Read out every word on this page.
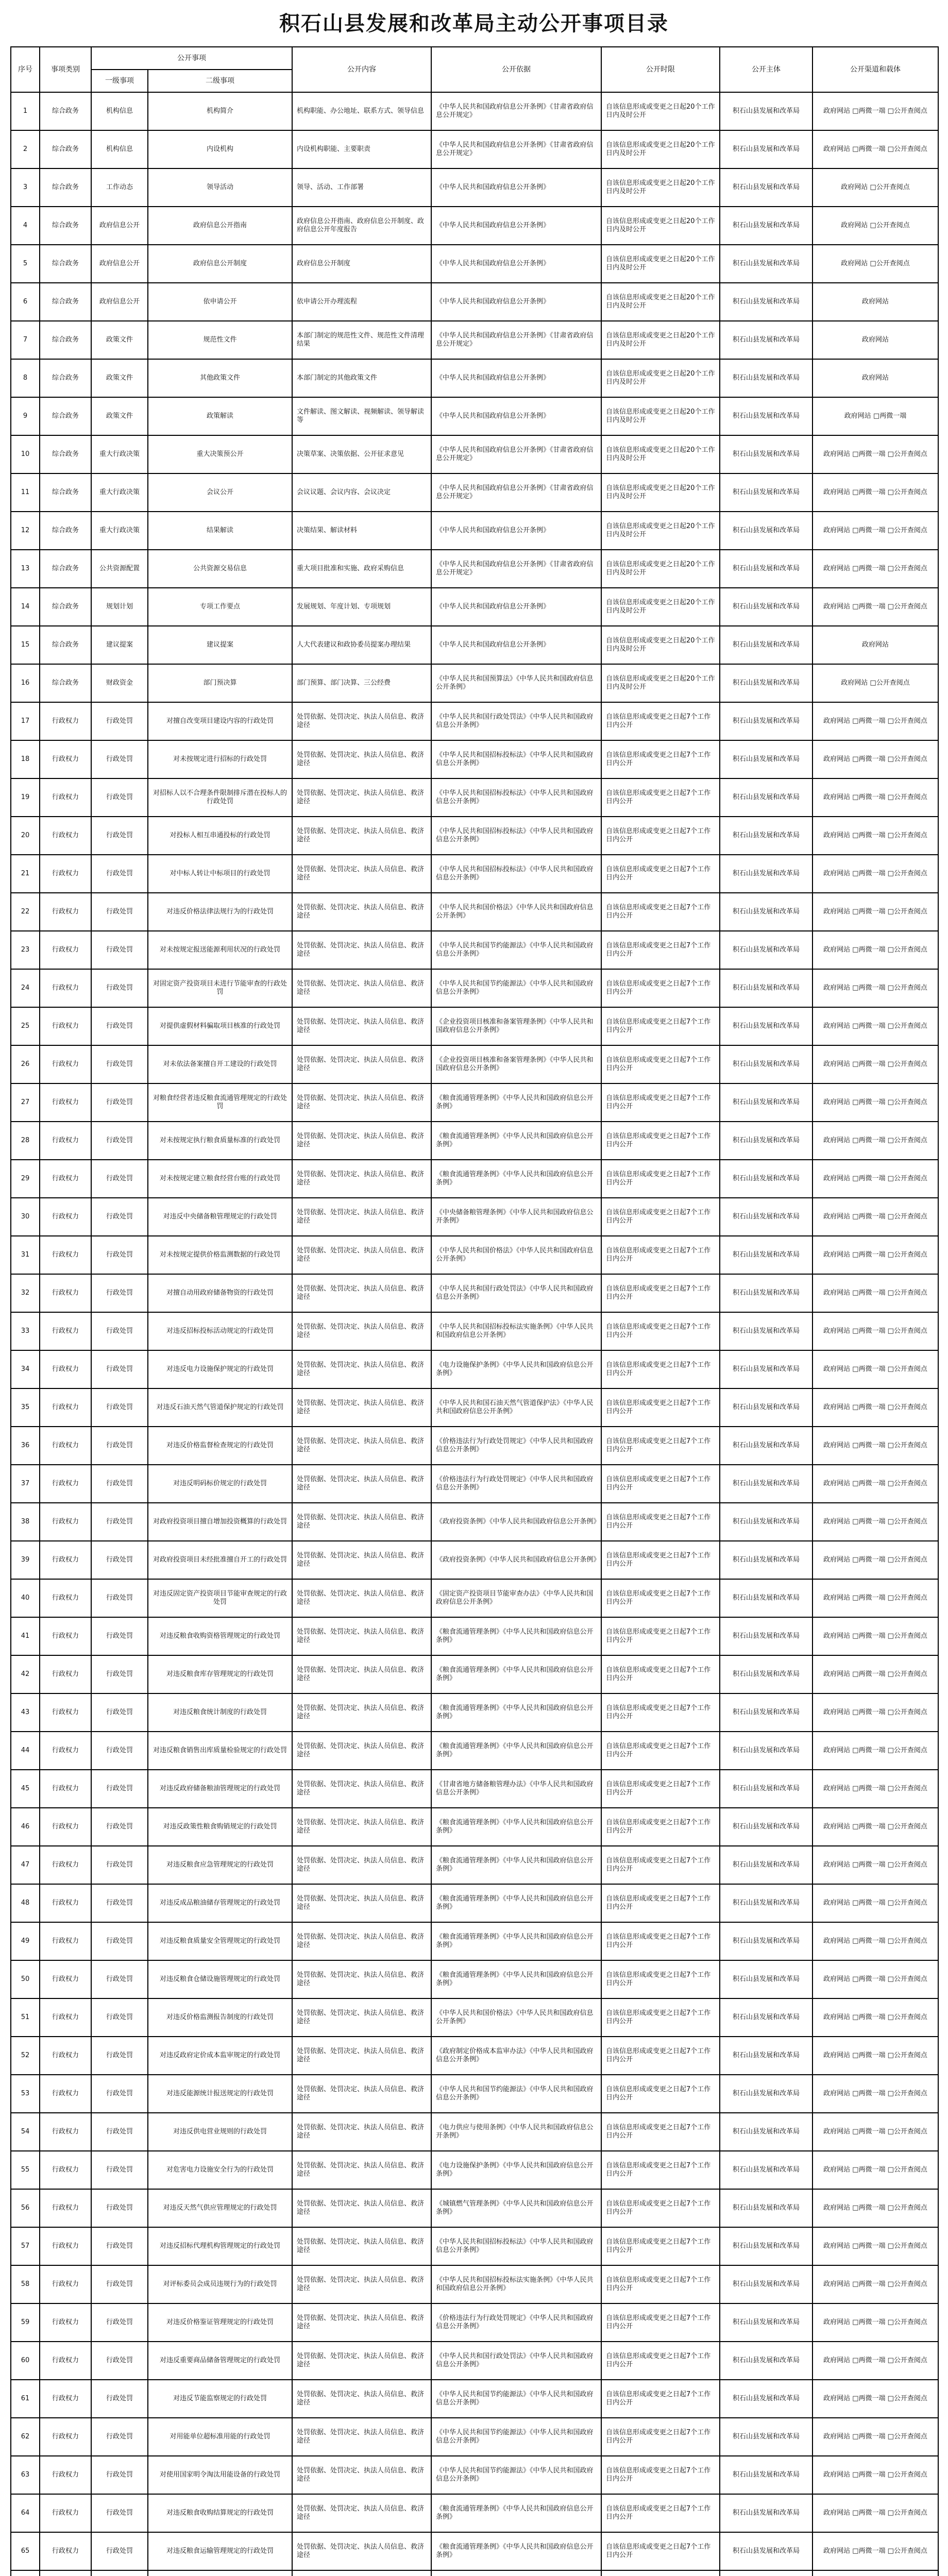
积石山县发展和改革局主动公开事项目录
序号	事项类别	公开事项		公开内容	公开依据	公开时限	公开主体	公开渠道和载体
		一级事项	二级事项					
1	综合政务	机构信息	机构简介	机构职能、办公地址、联系方式、领导信息	《中华人民共和国政府信息公开条例》《甘肃省政府信息公开规定》	自该信息形成或变更之日起20个工作日内及时公开	积石山县发展和改革局	政府网站 □两微一端 □公开查阅点
2	综合政务	机构信息	内设机构	内设机构职能、主要职责	《中华人民共和国政府信息公开条例》《甘肃省政府信息公开规定》	自该信息形成或变更之日起20个工作日内及时公开	积石山县发展和改革局	政府网站 □两微一端 □公开查阅点
3	综合政务	工作动态	领导活动	领导、活动、工作部署	《中华人民共和国政府信息公开条例》	自该信息形成或变更之日起20个工作日内及时公开	积石山县发展和改革局	政府网站 □公开查阅点
4	综合政务	政府信息公开	政府信息公开指南	政府信息公开指南、政府信息公开制度、政府信息公开年度报告	《中华人民共和国政府信息公开条例》	自该信息形成或变更之日起20个工作日内及时公开	积石山县发展和改革局	政府网站 □公开查阅点
5	综合政务	政府信息公开	政府信息公开制度	政府信息公开制度	《中华人民共和国政府信息公开条例》	自该信息形成或变更之日起20个工作日内及时公开	积石山县发展和改革局	政府网站 □公开查阅点
6	综合政务	政府信息公开	依申请公开	依申请公开办理流程	《中华人民共和国政府信息公开条例》	自该信息形成或变更之日起20个工作日内及时公开	积石山县发展和改革局	政府网站
7	综合政务	政策文件	规范性文件	本部门制定的规范性文件、规范性文件清理结果	《中华人民共和国政府信息公开条例》《甘肃省政府信息公开规定》	自该信息形成或变更之日起20个工作日内及时公开	积石山县发展和改革局	政府网站
8	综合政务	政策文件	其他政策文件	本部门制定的其他政策文件	《中华人民共和国政府信息公开条例》	自该信息形成或变更之日起20个工作日内及时公开	积石山县发展和改革局	政府网站
9	综合政务	政策文件	政策解读	文件解读、图文解读、视频解读、领导解读等	《中华人民共和国政府信息公开条例》	自该信息形成或变更之日起20个工作日内及时公开	积石山县发展和改革局	政府网站 □两微一端
10	综合政务	重大行政决策	重大决策预公开	决策草案、决策依据、公开征求意见	《中华人民共和国政府信息公开条例》《甘肃省政府信息公开规定》	自该信息形成或变更之日起20个工作日内及时公开	积石山县发展和改革局	政府网站 □两微一端 □公开查阅点
11	综合政务	重大行政决策	会议公开	会议议题、会议内容、会议决定	《中华人民共和国政府信息公开条例》《甘肃省政府信息公开规定》	自该信息形成或变更之日起20个工作日内及时公开	积石山县发展和改革局	政府网站 □两微一端 □公开查阅点
12	综合政务	重大行政决策	结果解读	决策结果、解读材料	《中华人民共和国政府信息公开条例》	自该信息形成或变更之日起20个工作日内及时公开	积石山县发展和改革局	政府网站 □两微一端 □公开查阅点
13	综合政务	公共资源配置	公共资源交易信息	重大项目批准和实施、政府采购信息	《中华人民共和国政府信息公开条例》《甘肃省政府信息公开规定》	自该信息形成或变更之日起20个工作日内及时公开	积石山县发展和改革局	政府网站 □两微一端 □公开查阅点
14	综合政务	规划计划	专项工作要点	发展规划、年度计划、专项规划	《中华人民共和国政府信息公开条例》	自该信息形成或变更之日起20个工作日内及时公开	积石山县发展和改革局	政府网站 □两微一端 □公开查阅点
15	综合政务	建议提案	建议提案	人大代表建议和政协委员提案办理结果	《中华人民共和国政府信息公开条例》	自该信息形成或变更之日起20个工作日内及时公开	积石山县发展和改革局	政府网站
16	综合政务	财政资金	部门预决算	部门预算、部门决算、三公经费	《中华人民共和国预算法》《中华人民共和国政府信息公开条例》	自该信息形成或变更之日起20个工作日内及时公开	积石山县发展和改革局	政府网站 □公开查阅点
17	行政权力	行政处罚	对擅自改变项目建设内容的行政处罚	处罚依据、处罚决定、执法人员信息、救济途径	《中华人民共和国行政处罚法》《中华人民共和国政府信息公开条例》	自该信息形成或变更之日起7个工作日内公开	积石山县发展和改革局	政府网站 □两微一端 □公开查阅点
18	行政权力	行政处罚	对未按规定进行招标的行政处罚	处罚依据、处罚决定、执法人员信息、救济途径	《中华人民共和国招标投标法》《中华人民共和国政府信息公开条例》	自该信息形成或变更之日起7个工作日内公开	积石山县发展和改革局	政府网站 □两微一端 □公开查阅点
19	行政权力	行政处罚	对招标人以不合理条件限制排斥潜在投标人的行政处罚	处罚依据、处罚决定、执法人员信息、救济途径	《中华人民共和国招标投标法》《中华人民共和国政府信息公开条例》	自该信息形成或变更之日起7个工作日内公开	积石山县发展和改革局	政府网站 □两微一端 □公开查阅点
20	行政权力	行政处罚	对投标人相互串通投标的行政处罚	处罚依据、处罚决定、执法人员信息、救济途径	《中华人民共和国招标投标法》《中华人民共和国政府信息公开条例》	自该信息形成或变更之日起7个工作日内公开	积石山县发展和改革局	政府网站 □两微一端 □公开查阅点
21	行政权力	行政处罚	对中标人转让中标项目的行政处罚	处罚依据、处罚决定、执法人员信息、救济途径	《中华人民共和国招标投标法》《中华人民共和国政府信息公开条例》	自该信息形成或变更之日起7个工作日内公开	积石山县发展和改革局	政府网站 □两微一端 □公开查阅点
22	行政权力	行政处罚	对违反价格法律法规行为的行政处罚	处罚依据、处罚决定、执法人员信息、救济途径	《中华人民共和国价格法》《中华人民共和国政府信息公开条例》	自该信息形成或变更之日起7个工作日内公开	积石山县发展和改革局	政府网站 □两微一端 □公开查阅点
23	行政权力	行政处罚	对未按规定报送能源利用状况的行政处罚	处罚依据、处罚决定、执法人员信息、救济途径	《中华人民共和国节约能源法》《中华人民共和国政府信息公开条例》	自该信息形成或变更之日起7个工作日内公开	积石山县发展和改革局	政府网站 □两微一端 □公开查阅点
24	行政权力	行政处罚	对固定资产投资项目未进行节能审查的行政处罚	处罚依据、处罚决定、执法人员信息、救济途径	《中华人民共和国节约能源法》《中华人民共和国政府信息公开条例》	自该信息形成或变更之日起7个工作日内公开	积石山县发展和改革局	政府网站 □两微一端 □公开查阅点
25	行政权力	行政处罚	对提供虚假材料骗取项目核准的行政处罚	处罚依据、处罚决定、执法人员信息、救济途径	《企业投资项目核准和备案管理条例》《中华人民共和国政府信息公开条例》	自该信息形成或变更之日起7个工作日内公开	积石山县发展和改革局	政府网站 □两微一端 □公开查阅点
26	行政权力	行政处罚	对未依法备案擅自开工建设的行政处罚	处罚依据、处罚决定、执法人员信息、救济途径	《企业投资项目核准和备案管理条例》《中华人民共和国政府信息公开条例》	自该信息形成或变更之日起7个工作日内公开	积石山县发展和改革局	政府网站 □两微一端 □公开查阅点
27	行政权力	行政处罚	对粮食经营者违反粮食流通管理规定的行政处罚	处罚依据、处罚决定、执法人员信息、救济途径	《粮食流通管理条例》《中华人民共和国政府信息公开条例》	自该信息形成或变更之日起7个工作日内公开	积石山县发展和改革局	政府网站 □两微一端 □公开查阅点
28	行政权力	行政处罚	对未按规定执行粮食质量标准的行政处罚	处罚依据、处罚决定、执法人员信息、救济途径	《粮食流通管理条例》《中华人民共和国政府信息公开条例》	自该信息形成或变更之日起7个工作日内公开	积石山县发展和改革局	政府网站 □两微一端 □公开查阅点
29	行政权力	行政处罚	对未按规定建立粮食经营台账的行政处罚	处罚依据、处罚决定、执法人员信息、救济途径	《粮食流通管理条例》《中华人民共和国政府信息公开条例》	自该信息形成或变更之日起7个工作日内公开	积石山县发展和改革局	政府网站 □两微一端 □公开查阅点
30	行政权力	行政处罚	对违反中央储备粮管理规定的行政处罚	处罚依据、处罚决定、执法人员信息、救济途径	《中央储备粮管理条例》《中华人民共和国政府信息公开条例》	自该信息形成或变更之日起7个工作日内公开	积石山县发展和改革局	政府网站 □两微一端 □公开查阅点
31	行政权力	行政处罚	对未按规定提供价格监测数据的行政处罚	处罚依据、处罚决定、执法人员信息、救济途径	《中华人民共和国价格法》《中华人民共和国政府信息公开条例》	自该信息形成或变更之日起7个工作日内公开	积石山县发展和改革局	政府网站 □两微一端 □公开查阅点
32	行政权力	行政处罚	对擅自动用政府储备物资的行政处罚	处罚依据、处罚决定、执法人员信息、救济途径	《中华人民共和国行政处罚法》《中华人民共和国政府信息公开条例》	自该信息形成或变更之日起7个工作日内公开	积石山县发展和改革局	政府网站 □两微一端 □公开查阅点
33	行政权力	行政处罚	对违反招标投标活动规定的行政处罚	处罚依据、处罚决定、执法人员信息、救济途径	《中华人民共和国招标投标法实施条例》《中华人民共和国政府信息公开条例》	自该信息形成或变更之日起7个工作日内公开	积石山县发展和改革局	政府网站 □两微一端 □公开查阅点
34	行政权力	行政处罚	对违反电力设施保护规定的行政处罚	处罚依据、处罚决定、执法人员信息、救济途径	《电力设施保护条例》《中华人民共和国政府信息公开条例》	自该信息形成或变更之日起7个工作日内公开	积石山县发展和改革局	政府网站 □两微一端 □公开查阅点
35	行政权力	行政处罚	对违反石油天然气管道保护规定的行政处罚	处罚依据、处罚决定、执法人员信息、救济途径	《中华人民共和国石油天然气管道保护法》《中华人民共和国政府信息公开条例》	自该信息形成或变更之日起7个工作日内公开	积石山县发展和改革局	政府网站 □两微一端 □公开查阅点
36	行政权力	行政处罚	对违反价格监督检查规定的行政处罚	处罚依据、处罚决定、执法人员信息、救济途径	《价格违法行为行政处罚规定》《中华人民共和国政府信息公开条例》	自该信息形成或变更之日起7个工作日内公开	积石山县发展和改革局	政府网站 □两微一端 □公开查阅点
37	行政权力	行政处罚	对违反明码标价规定的行政处罚	处罚依据、处罚决定、执法人员信息、救济途径	《价格违法行为行政处罚规定》《中华人民共和国政府信息公开条例》	自该信息形成或变更之日起7个工作日内公开	积石山县发展和改革局	政府网站 □两微一端 □公开查阅点
38	行政权力	行政处罚	对政府投资项目擅自增加投资概算的行政处罚	处罚依据、处罚决定、执法人员信息、救济途径	《政府投资条例》《中华人民共和国政府信息公开条例》	自该信息形成或变更之日起7个工作日内公开	积石山县发展和改革局	政府网站 □两微一端 □公开查阅点
39	行政权力	行政处罚	对政府投资项目未经批准擅自开工的行政处罚	处罚依据、处罚决定、执法人员信息、救济途径	《政府投资条例》《中华人民共和国政府信息公开条例》	自该信息形成或变更之日起7个工作日内公开	积石山县发展和改革局	政府网站 □两微一端 □公开查阅点
40	行政权力	行政处罚	对违反固定资产投资项目节能审查规定的行政处罚	处罚依据、处罚决定、执法人员信息、救济途径	《固定资产投资项目节能审查办法》《中华人民共和国政府信息公开条例》	自该信息形成或变更之日起7个工作日内公开	积石山县发展和改革局	政府网站 □两微一端 □公开查阅点
41	行政权力	行政处罚	对违反粮食收购资格管理规定的行政处罚	处罚依据、处罚决定、执法人员信息、救济途径	《粮食流通管理条例》《中华人民共和国政府信息公开条例》	自该信息形成或变更之日起7个工作日内公开	积石山县发展和改革局	政府网站 □两微一端 □公开查阅点
42	行政权力	行政处罚	对违反粮食库存管理规定的行政处罚	处罚依据、处罚决定、执法人员信息、救济途径	《粮食流通管理条例》《中华人民共和国政府信息公开条例》	自该信息形成或变更之日起7个工作日内公开	积石山县发展和改革局	政府网站 □两微一端 □公开查阅点
43	行政权力	行政处罚	对违反粮食统计制度的行政处罚	处罚依据、处罚决定、执法人员信息、救济途径	《粮食流通管理条例》《中华人民共和国政府信息公开条例》	自该信息形成或变更之日起7个工作日内公开	积石山县发展和改革局	政府网站 □两微一端 □公开查阅点
44	行政权力	行政处罚	对违反粮食销售出库质量检验规定的行政处罚	处罚依据、处罚决定、执法人员信息、救济途径	《粮食流通管理条例》《中华人民共和国政府信息公开条例》	自该信息形成或变更之日起7个工作日内公开	积石山县发展和改革局	政府网站 □两微一端 □公开查阅点
45	行政权力	行政处罚	对违反政府储备粮油管理规定的行政处罚	处罚依据、处罚决定、执法人员信息、救济途径	《甘肃省地方储备粮管理办法》《中华人民共和国政府信息公开条例》	自该信息形成或变更之日起7个工作日内公开	积石山县发展和改革局	政府网站 □两微一端 □公开查阅点
46	行政权力	行政处罚	对违反政策性粮食购销规定的行政处罚	处罚依据、处罚决定、执法人员信息、救济途径	《粮食流通管理条例》《中华人民共和国政府信息公开条例》	自该信息形成或变更之日起7个工作日内公开	积石山县发展和改革局	政府网站 □两微一端 □公开查阅点
47	行政权力	行政处罚	对违反粮食应急管理规定的行政处罚	处罚依据、处罚决定、执法人员信息、救济途径	《粮食流通管理条例》《中华人民共和国政府信息公开条例》	自该信息形成或变更之日起7个工作日内公开	积石山县发展和改革局	政府网站 □两微一端 □公开查阅点
48	行政权力	行政处罚	对违反成品粮油储存管理规定的行政处罚	处罚依据、处罚决定、执法人员信息、救济途径	《粮食流通管理条例》《中华人民共和国政府信息公开条例》	自该信息形成或变更之日起7个工作日内公开	积石山县发展和改革局	政府网站 □两微一端 □公开查阅点
49	行政权力	行政处罚	对违反粮食质量安全管理规定的行政处罚	处罚依据、处罚决定、执法人员信息、救济途径	《粮食流通管理条例》《中华人民共和国政府信息公开条例》	自该信息形成或变更之日起7个工作日内公开	积石山县发展和改革局	政府网站 □两微一端 □公开查阅点
50	行政权力	行政处罚	对违反粮食仓储设施管理规定的行政处罚	处罚依据、处罚决定、执法人员信息、救济途径	《粮食流通管理条例》《中华人民共和国政府信息公开条例》	自该信息形成或变更之日起7个工作日内公开	积石山县发展和改革局	政府网站 □两微一端 □公开查阅点
51	行政权力	行政处罚	对违反价格监测报告制度的行政处罚	处罚依据、处罚决定、执法人员信息、救济途径	《中华人民共和国价格法》《中华人民共和国政府信息公开条例》	自该信息形成或变更之日起7个工作日内公开	积石山县发展和改革局	政府网站 □两微一端 □公开查阅点
52	行政权力	行政处罚	对违反政府定价成本监审规定的行政处罚	处罚依据、处罚决定、执法人员信息、救济途径	《政府制定价格成本监审办法》《中华人民共和国政府信息公开条例》	自该信息形成或变更之日起7个工作日内公开	积石山县发展和改革局	政府网站 □两微一端 □公开查阅点
53	行政权力	行政处罚	对违反能源统计报送规定的行政处罚	处罚依据、处罚决定、执法人员信息、救济途径	《中华人民共和国节约能源法》《中华人民共和国政府信息公开条例》	自该信息形成或变更之日起7个工作日内公开	积石山县发展和改革局	政府网站 □两微一端 □公开查阅点
54	行政权力	行政处罚	对违反供电营业规则的行政处罚	处罚依据、处罚决定、执法人员信息、救济途径	《电力供应与使用条例》《中华人民共和国政府信息公开条例》	自该信息形成或变更之日起7个工作日内公开	积石山县发展和改革局	政府网站 □两微一端 □公开查阅点
55	行政权力	行政处罚	对危害电力设施安全行为的行政处罚	处罚依据、处罚决定、执法人员信息、救济途径	《电力设施保护条例》《中华人民共和国政府信息公开条例》	自该信息形成或变更之日起7个工作日内公开	积石山县发展和改革局	政府网站 □两微一端 □公开查阅点
56	行政权力	行政处罚	对违反天然气供应管理规定的行政处罚	处罚依据、处罚决定、执法人员信息、救济途径	《城镇燃气管理条例》《中华人民共和国政府信息公开条例》	自该信息形成或变更之日起7个工作日内公开	积石山县发展和改革局	政府网站 □两微一端 □公开查阅点
57	行政权力	行政处罚	对违反招标代理机构管理规定的行政处罚	处罚依据、处罚决定、执法人员信息、救济途径	《中华人民共和国招标投标法》《中华人民共和国政府信息公开条例》	自该信息形成或变更之日起7个工作日内公开	积石山县发展和改革局	政府网站 □两微一端 □公开查阅点
58	行政权力	行政处罚	对评标委员会成员违规行为的行政处罚	处罚依据、处罚决定、执法人员信息、救济途径	《中华人民共和国招标投标法实施条例》《中华人民共和国政府信息公开条例》	自该信息形成或变更之日起7个工作日内公开	积石山县发展和改革局	政府网站 □两微一端 □公开查阅点
59	行政权力	行政处罚	对违反价格鉴证管理规定的行政处罚	处罚依据、处罚决定、执法人员信息、救济途径	《价格违法行为行政处罚规定》《中华人民共和国政府信息公开条例》	自该信息形成或变更之日起7个工作日内公开	积石山县发展和改革局	政府网站 □两微一端 □公开查阅点
60	行政权力	行政处罚	对违反重要商品储备管理规定的行政处罚	处罚依据、处罚决定、执法人员信息、救济途径	《中华人民共和国行政处罚法》《中华人民共和国政府信息公开条例》	自该信息形成或变更之日起7个工作日内公开	积石山县发展和改革局	政府网站 □两微一端 □公开查阅点
61	行政权力	行政处罚	对违反节能监察规定的行政处罚	处罚依据、处罚决定、执法人员信息、救济途径	《中华人民共和国节约能源法》《中华人民共和国政府信息公开条例》	自该信息形成或变更之日起7个工作日内公开	积石山县发展和改革局	政府网站 □两微一端 □公开查阅点
62	行政权力	行政处罚	对用能单位超标准用能的行政处罚	处罚依据、处罚决定、执法人员信息、救济途径	《中华人民共和国节约能源法》《中华人民共和国政府信息公开条例》	自该信息形成或变更之日起7个工作日内公开	积石山县发展和改革局	政府网站 □两微一端 □公开查阅点
63	行政权力	行政处罚	对使用国家明令淘汰用能设备的行政处罚	处罚依据、处罚决定、执法人员信息、救济途径	《中华人民共和国节约能源法》《中华人民共和国政府信息公开条例》	自该信息形成或变更之日起7个工作日内公开	积石山县发展和改革局	政府网站 □两微一端 □公开查阅点
64	行政权力	行政处罚	对违反粮食收购结算规定的行政处罚	处罚依据、处罚决定、执法人员信息、救济途径	《粮食流通管理条例》《中华人民共和国政府信息公开条例》	自该信息形成或变更之日起7个工作日内公开	积石山县发展和改革局	政府网站 □两微一端 □公开查阅点
65	行政权力	行政处罚	对违反粮食运输管理规定的行政处罚	处罚依据、处罚决定、执法人员信息、救济途径	《粮食流通管理条例》《中华人民共和国政府信息公开条例》	自该信息形成或变更之日起7个工作日内公开	积石山县发展和改革局	政府网站 □两微一端 □公开查阅点
